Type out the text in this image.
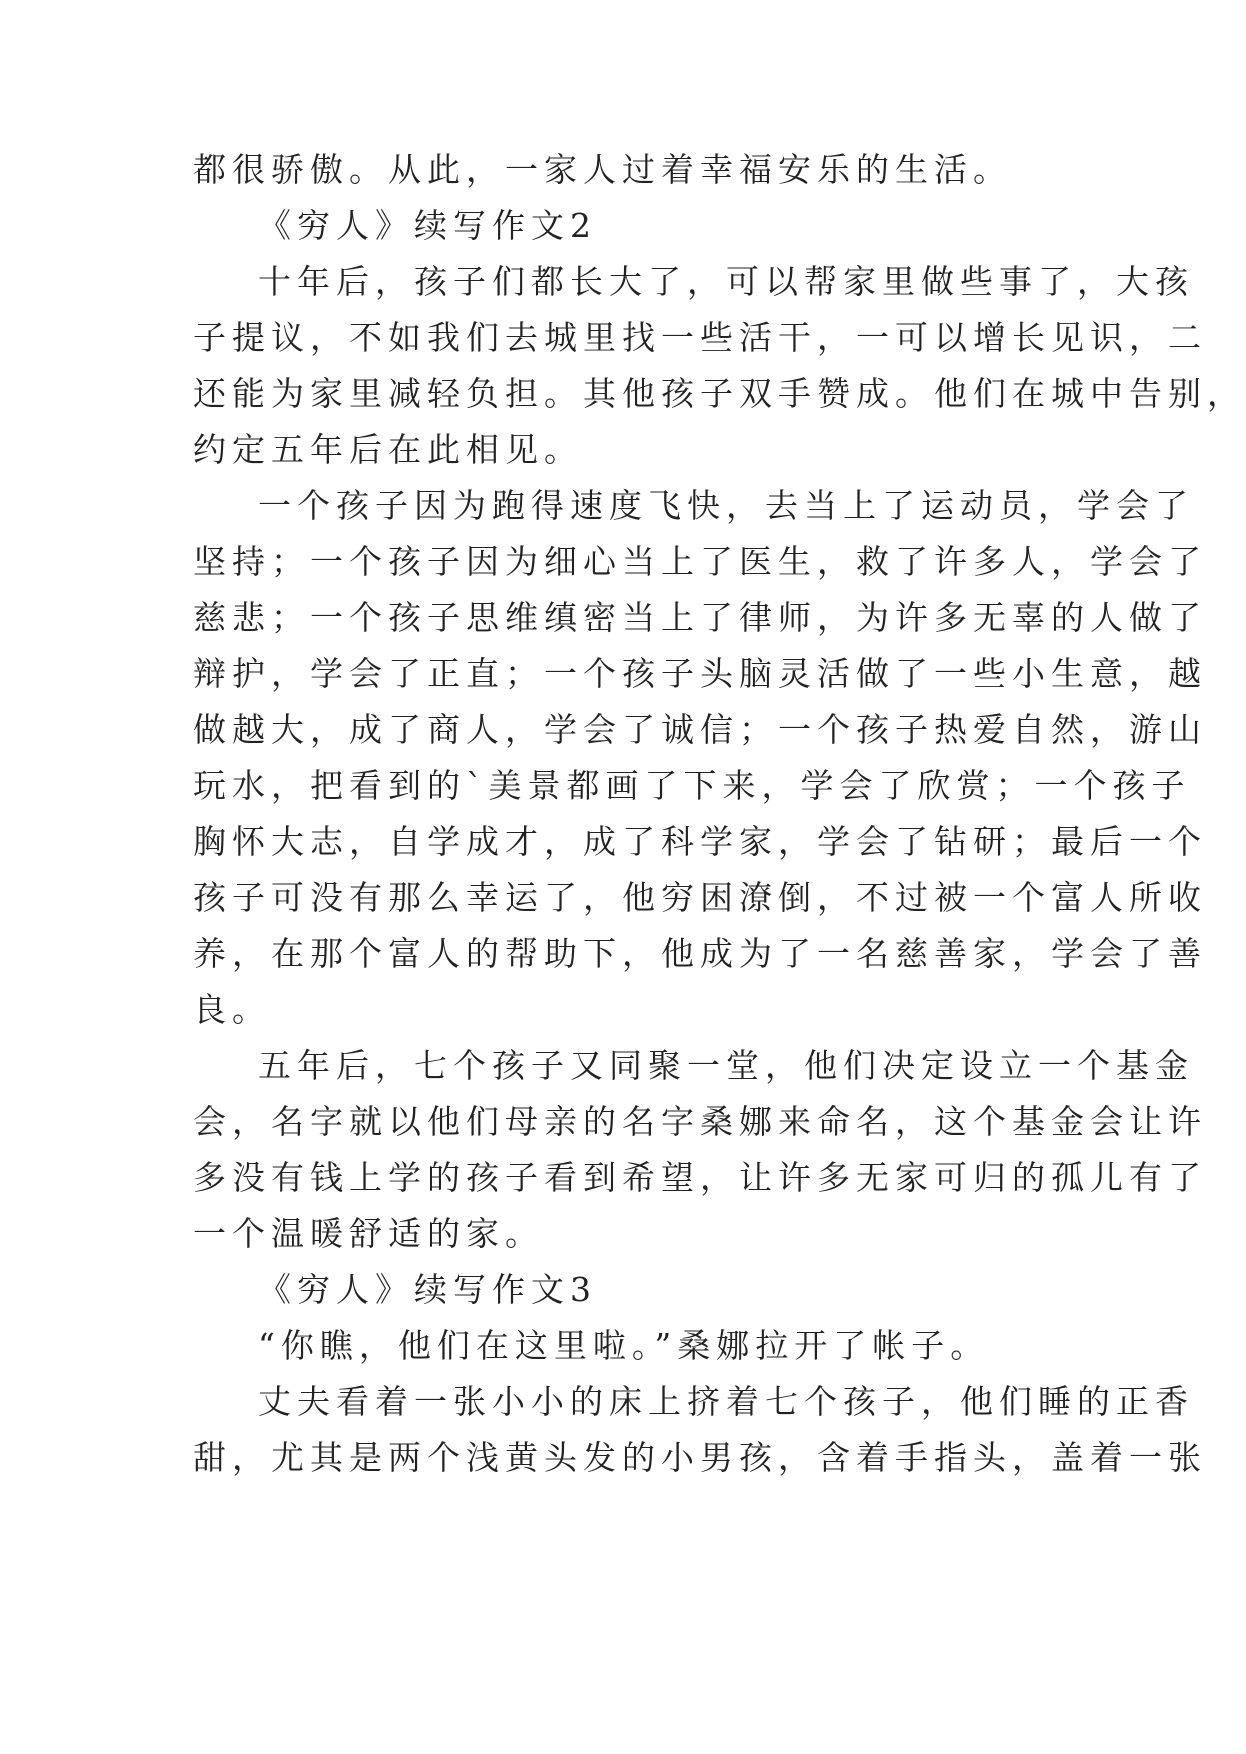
都很骄傲。从此，一家人过着幸福安乐的生活。
《穷人》续写作文2
十年后，孩子们都长大了，可以帮家里做些事了，大孩
子提议，不如我们去城里找一些活干，一可以增长见识，二
还能为家里减轻负担。其他孩子双手赞成。他们在城中告别，
约定五年后在此相见。
一个孩子因为跑得速度飞快，去当上了运动员，学会了
坚持；一个孩子因为细心当上了医生，救了许多人，学会了
慈悲；一个孩子思维缜密当上了律师，为许多无辜的人做了
辩护，学会了正直；一个孩子头脑灵活做了一些小生意，越
做越大，成了商人，学会了诚信；一个孩子热爱自然，游山
玩水，把看到的`美景都画了下来，学会了欣赏；一个孩子
胸怀大志，自学成才，成了科学家，学会了钻研；最后一个
孩子可没有那么幸运了，他穷困潦倒，不过被一个富人所收
养，在那个富人的帮助下，他成为了一名慈善家，学会了善
良。
五年后，七个孩子又同聚一堂，他们决定设立一个基金
会，名字就以他们母亲的名字桑娜来命名，这个基金会让许
多没有钱上学的孩子看到希望，让许多无家可归的孤儿有了
一个温暖舒适的家。
《穷人》续写作文3
“你瞧，他们在这里啦。”桑娜拉开了帐子。
丈夫看着一张小小的床上挤着七个孩子，他们睡的正香
甜，尤其是两个浅黄头发的小男孩，含着手指头，盖着一张
